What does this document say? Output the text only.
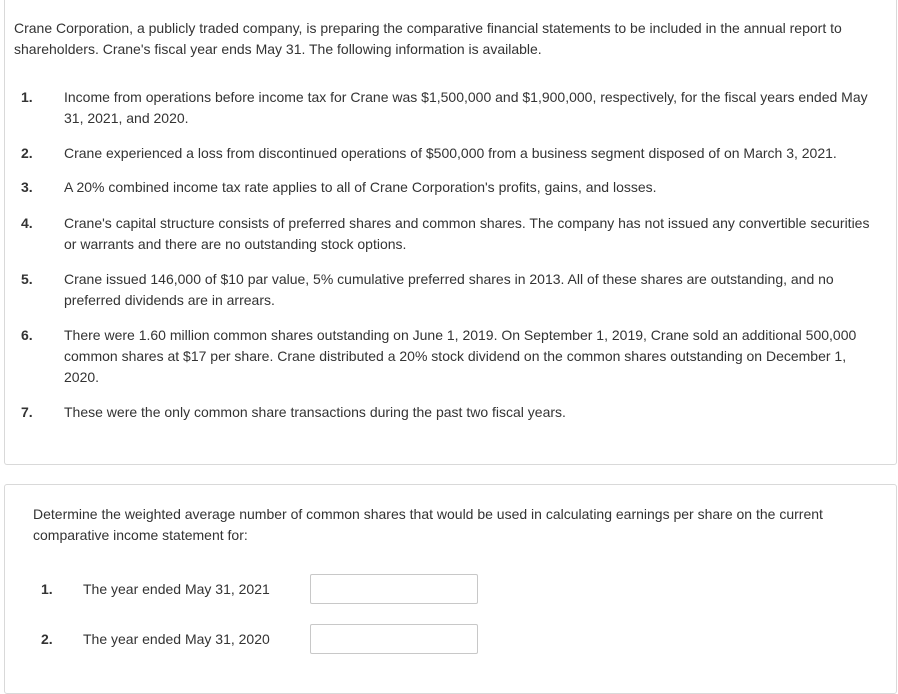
Crane Corporation, a publicly traded company, is preparing the comparative financial statements to be included in the annual report to shareholders. Crane's fiscal year ends May 31. The following information is available.

1. Income from operations before income tax for Crane was $1,500,000 and $1,900,000, respectively, for the fiscal years ended May 31, 2021, and 2020.
2. Crane experienced a loss from discontinued operations of $500,000 from a business segment disposed of on March 3, 2021.
3. A 20% combined income tax rate applies to all of Crane Corporation's profits, gains, and losses.
4. Crane's capital structure consists of preferred shares and common shares. The company has not issued any convertible securities or warrants and there are no outstanding stock options.
5. Crane issued 146,000 of $10 par value, 5% cumulative preferred shares in 2013. All of these shares are outstanding, and no preferred dividends are in arrears.
6. There were 1.60 million common shares outstanding on June 1, 2019. On September 1, 2019, Crane sold an additional 500,000 common shares at $17 per share. Crane distributed a 20% stock dividend on the common shares outstanding on December 1, 2020.
7. These were the only common share transactions during the past two fiscal years.

Determine the weighted average number of common shares that would be used in calculating earnings per share on the current comparative income statement for:

1. The year ended May 31, 2021
2. The year ended May 31, 2020
